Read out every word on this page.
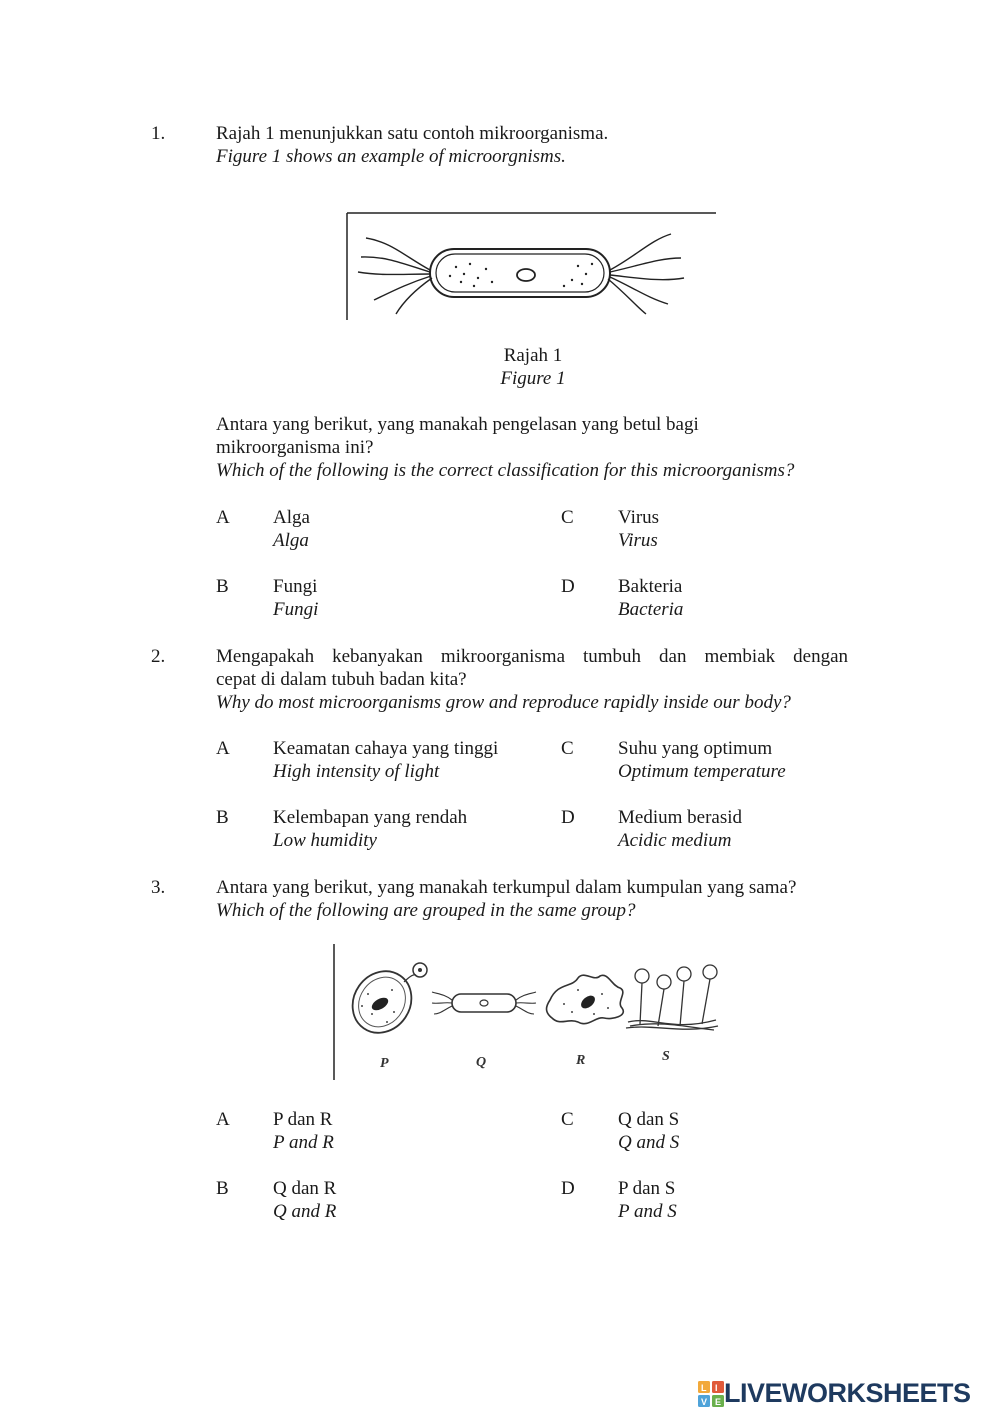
1.	Rajah 1 menunjukkan satu contoh mikroorganisma.
Figure 1 shows an example of microorgnisms.
Rajah 1
Figure 1
Antara yang berikut, yang manakah pengelasan yang betul bagi
mikroorganisma ini?
Which of the following is the correct classification for this microorganisms?
A Alga
Alga
C Virus
Virus
B Fungi
Fungi
D Bakteria
Bacteria
2.	Mengapakah kebanyakan mikroorganisma tumbuh dan membiak dengan
cepat di dalam tubuh badan kita?
Why do most microorganisms grow and reproduce rapidly inside our body?
A Keamatan cahaya yang tinggi
High intensity of light
C Suhu yang optimum
Optimum temperature
B Kelembapan yang rendah
Low humidity
D Medium berasid
Acidic medium
3.	Antara yang berikut, yang manakah terkumpul dalam kumpulan yang sama?
Which of the following are grouped in the same group?
P	Q	R	S
A P dan R
P and R
C Q dan S
Q and S
B Q dan R
Q and R
D P dan S
P and S
L I
V E LIVEWORKSHEETS
